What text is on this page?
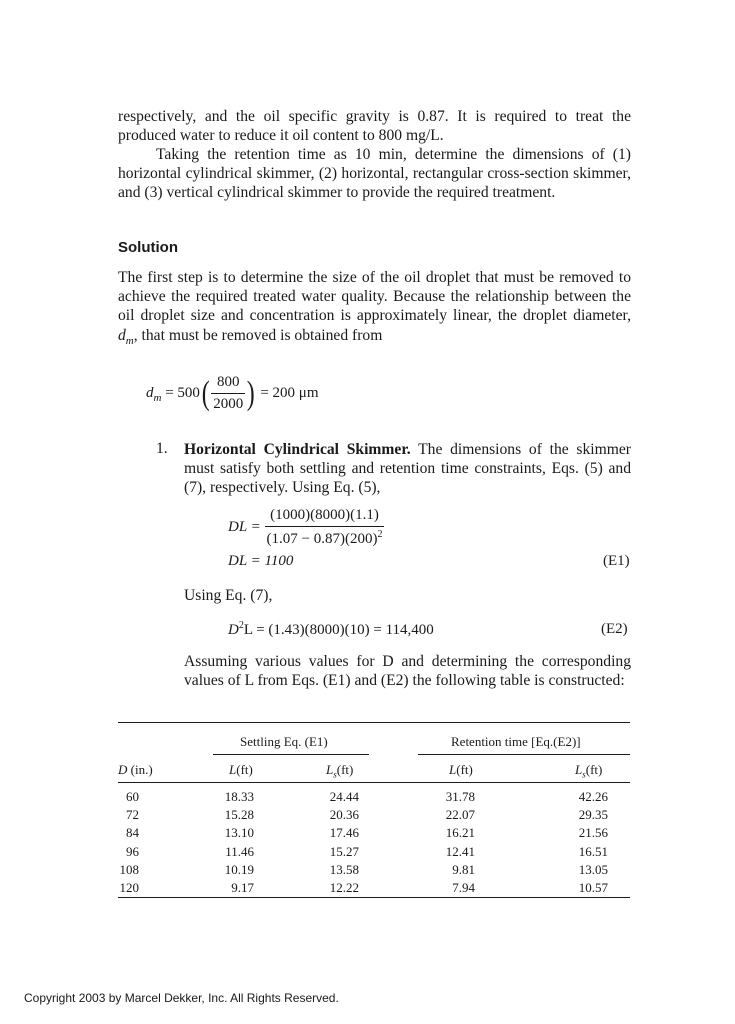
respectively, and the oil specific gravity is 0.87. It is required to treat the produced water to reduce it oil content to 800 mg/L.

Taking the retention time as 10 min, determine the dimensions of (1) horizontal cylindrical skimmer, (2) horizontal, rectangular cross-section skimmer, and (3) vertical cylindrical skimmer to provide the required treatment.

Solution

The first step is to determine the size of the oil droplet that must be removed to achieve the required treated water quality. Because the relationship between the oil droplet size and concentration is approximately linear, the droplet diameter, $d_m$, that must be removed is obtained from

$d_m = 500( \frac{800}{2000}$ ) = 200 μm
1. Horizontal Cylindrical Skimmer. The dimensions of the skimmer must satisfy both settling and retention time constraints, Eqs. (5) and (7), respectively. Using Eq. (5),

DL = $\frac{(1000)(8000)(1.1)}{(1.07 - 0.87)(200)^2}$
DL = 1100	(E1)
Using Eq. (7),
$D^2L = (1.43)(8000)(10) = 114,400$	(E2)

Assuming various values for D and determining the corresponding values of L from Eqs. (E1) and (E2) the following table is constructed:

Settling Eq. (E1)	Retention time [Eq.(E2)]
D (in.)	L(ft)	$L_s(ft)$	L(ft)	$L_s(ft)$
60	18.33	24.44	31.78	42.26
72	15.28	20.36	22.07	29.35
84	13.10	17.46	16.21	21.56
96	11.46	15.27	12.41	16.51
108	10.19	13.58	9.81	13.05
120	9.17	12.22	7.94	10.57
Copyright 2003 by Marcel Dekker, Inc. All Rights Reserved.
